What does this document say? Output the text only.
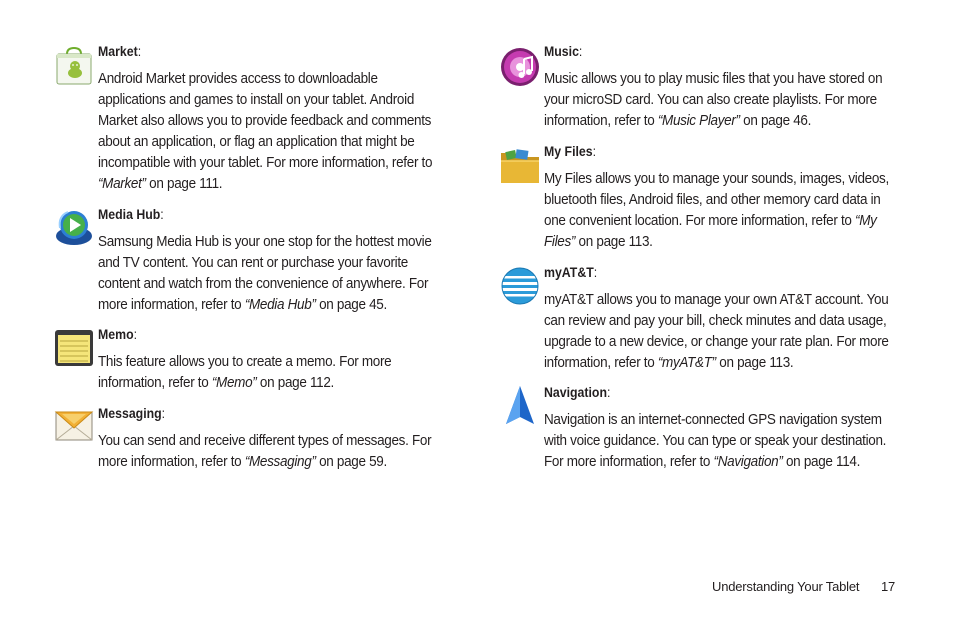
Market:

Android Market provides access to downloadable applications and games to install on your tablet. Android Market also allows you to provide feedback and comments about an application, or flag an application that might be incompatible with your tablet. For more information, refer to “Market” on page 111.

Media Hub:

Samsung Media Hub is your one stop for the hottest movie and TV content. You can rent or purchase your favorite content and watch from the convenience of anywhere. For more information, refer to “Media Hub” on page 45.

Memo:

This feature allows you to create a memo. For more information, refer to “Memo” on page 112.

Messaging:

You can send and receive different types of messages. For more information, refer to “Messaging” on page 59.

Music:

Music allows you to play music files that you have stored on your microSD card. You can also create playlists. For more information, refer to “Music Player” on page 46.

My Files:

My Files allows you to manage your sounds, images, videos, bluetooth files, Android files, and other memory card data in one convenient location. For more information, refer to “My Files” on page 113.

myAT&T:

myAT&T allows you to manage your own AT&T account. You can review and pay your bill, check minutes and data usage, upgrade to a new device, or change your rate plan. For more information, refer to “myAT&T” on page 113.

Navigation:

Navigation is an internet-connected GPS navigation system with voice guidance. You can type or speak your destination. For more information, refer to “Navigation” on page 114.

Understanding Your Tablet 17
